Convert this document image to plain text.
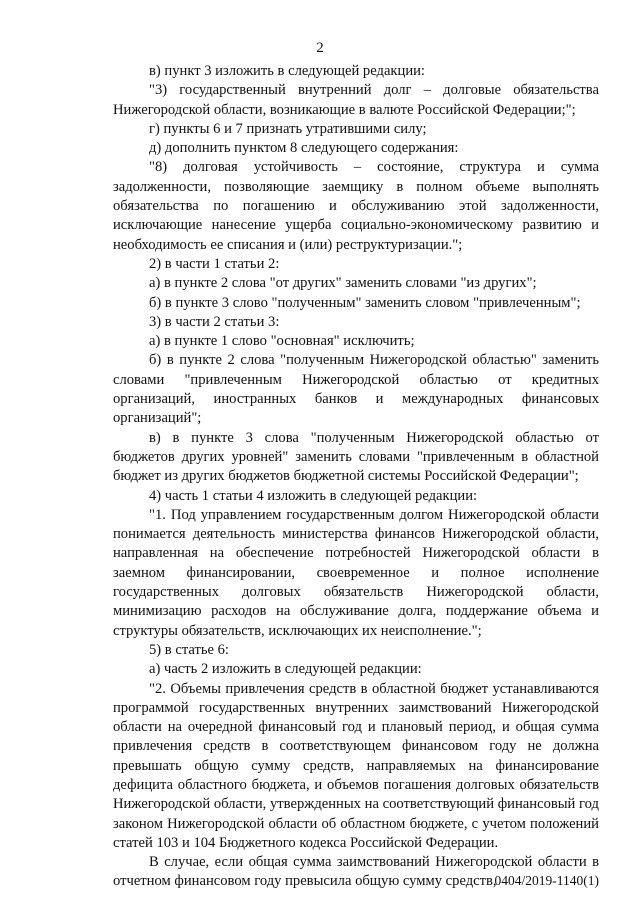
2

в) пункт 3 изложить в следующей редакции:

"3) государственный внутренний долг – долговые обязательства Нижегородской области, возникающие в валюте Российской Федерации;";

г) пункты 6 и 7 признать утратившими силу;

д) дополнить пунктом 8 следующего содержания:

"8) долговая устойчивость – состояние, структура и сумма задолженности, позволяющие заемщику в полном объеме выполнять обязательства по погашению и обслуживанию этой задолженности, исключающие нанесение ущерба социально-экономическому развитию и необходимость ее списания и (или) реструктуризации.";

2) в части 1 статьи 2:

а) в пункте 2 слова "от других" заменить словами "из других";

б) в пункте 3 слово "полученным" заменить словом "привлеченным";

3) в части 2 статьи 3:

а) в пункте 1 слово "основная" исключить;

б) в пункте 2 слова "полученным Нижегородской областью" заменить словами "привлеченным Нижегородской областью от кредитных организаций, иностранных банков и международных финансовых организаций";

в) в пункте 3 слова "полученным Нижегородской областью от бюджетов других уровней" заменить словами "привлеченным в областной бюджет из других бюджетов бюджетной системы Российской Федерации";

4) часть 1 статьи 4 изложить в следующей редакции:

"1. Под управлением государственным долгом Нижегородской области понимается деятельность министерства финансов Нижегородской области, направленная на обеспечение потребностей Нижегородской области в заемном финансировании, своевременное и полное исполнение государственных долговых обязательств Нижегородской области, минимизацию расходов на обслуживание долга, поддержание объема и структуры обязательств, исключающих их неисполнение.";

5) в статье 6:

а) часть 2 изложить в следующей редакции:

"2. Объемы привлечения средств в областной бюджет устанавливаются программой государственных внутренних заимствований Нижегородской области на очередной финансовый год и плановый период, и общая сумма привлечения средств в соответствующем финансовом году не должна превышать общую сумму средств, направляемых на финансирование дефицита областного бюджета, и объемов погашения долговых обязательств Нижегородской области, утвержденных на соответствующий финансовый год законом Нижегородской области об областном бюджете, с учетом положений статей 103 и 104 Бюджетного кодекса Российской Федерации.

В случае, если общая сумма заимствований Нижегородской области в отчетном финансовом году превысила общую сумму средств,

0404/2019-1140(1)
